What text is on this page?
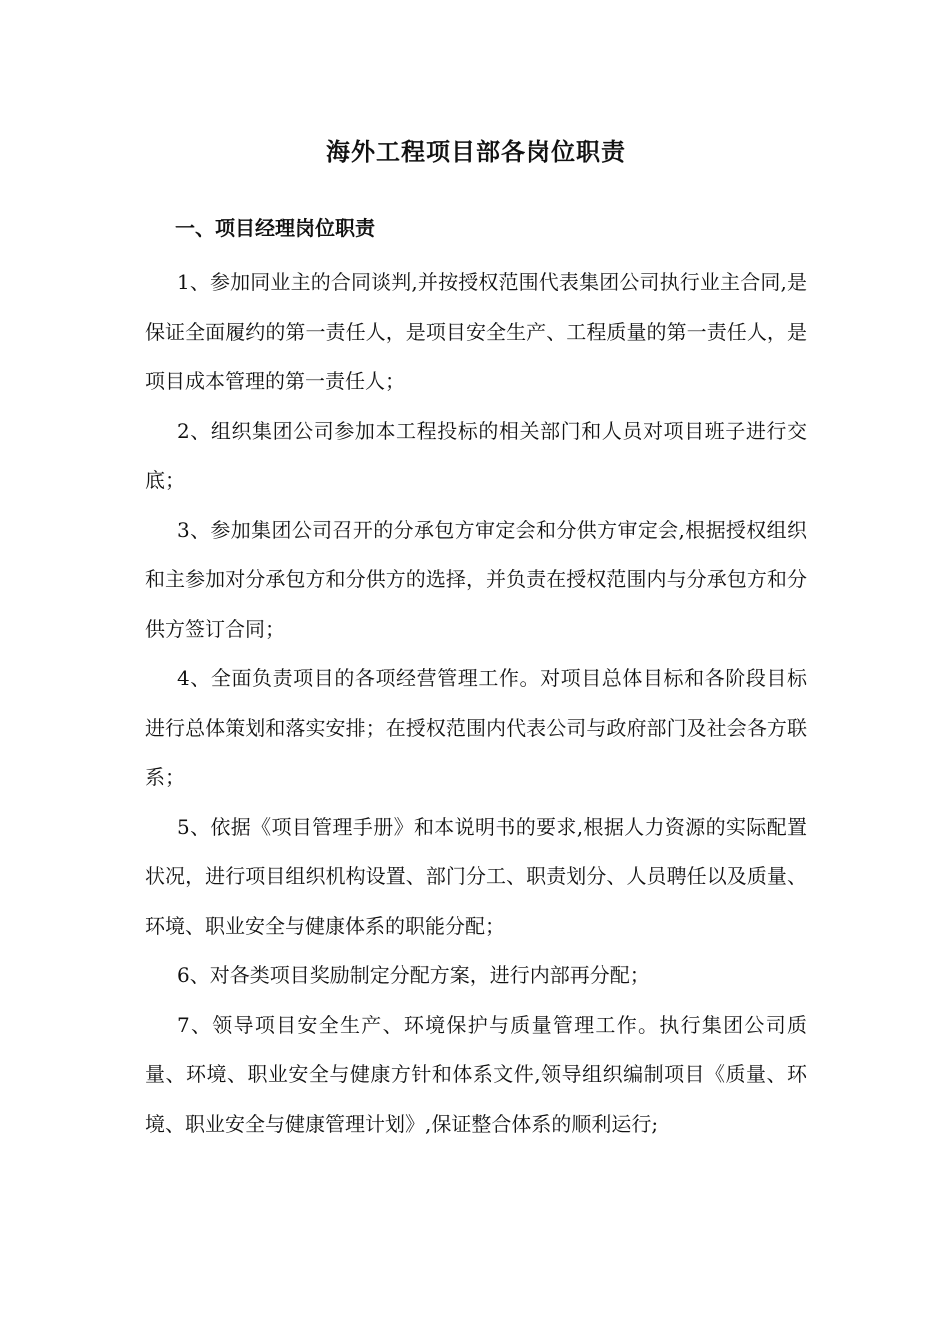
海外工程项目部各岗位职责

一、项目经理岗位职责

1、参加同业主的合同谈判,并按授权范围代表集团公司执行业主合同,是保证全面履约的第一责任人，是项目安全生产、工程质量的第一责任人，是项目成本管理的第一责任人；

2、组织集团公司参加本工程投标的相关部门和人员对项目班子进行交底；

3、参加集团公司召开的分承包方审定会和分供方审定会,根据授权组织和主参加对分承包方和分供方的选择，并负责在授权范围内与分承包方和分供方签订合同；

4、全面负责项目的各项经营管理工作。对项目总体目标和各阶段目标进行总体策划和落实安排；在授权范围内代表公司与政府部门及社会各方联系；

5、依据《项目管理手册》和本说明书的要求,根据人力资源的实际配置状况，进行项目组织机构设置、部门分工、职责划分、人员聘任以及质量、环境、职业安全与健康体系的职能分配；

6、对各类项目奖励制定分配方案，进行内部再分配；

7、领导项目安全生产、环境保护与质量管理工作。执行集团公司质量、环境、职业安全与健康方针和体系文件,领导组织编制项目《质量、环境、职业安全与健康管理计划》,保证整合体系的顺利运行;
